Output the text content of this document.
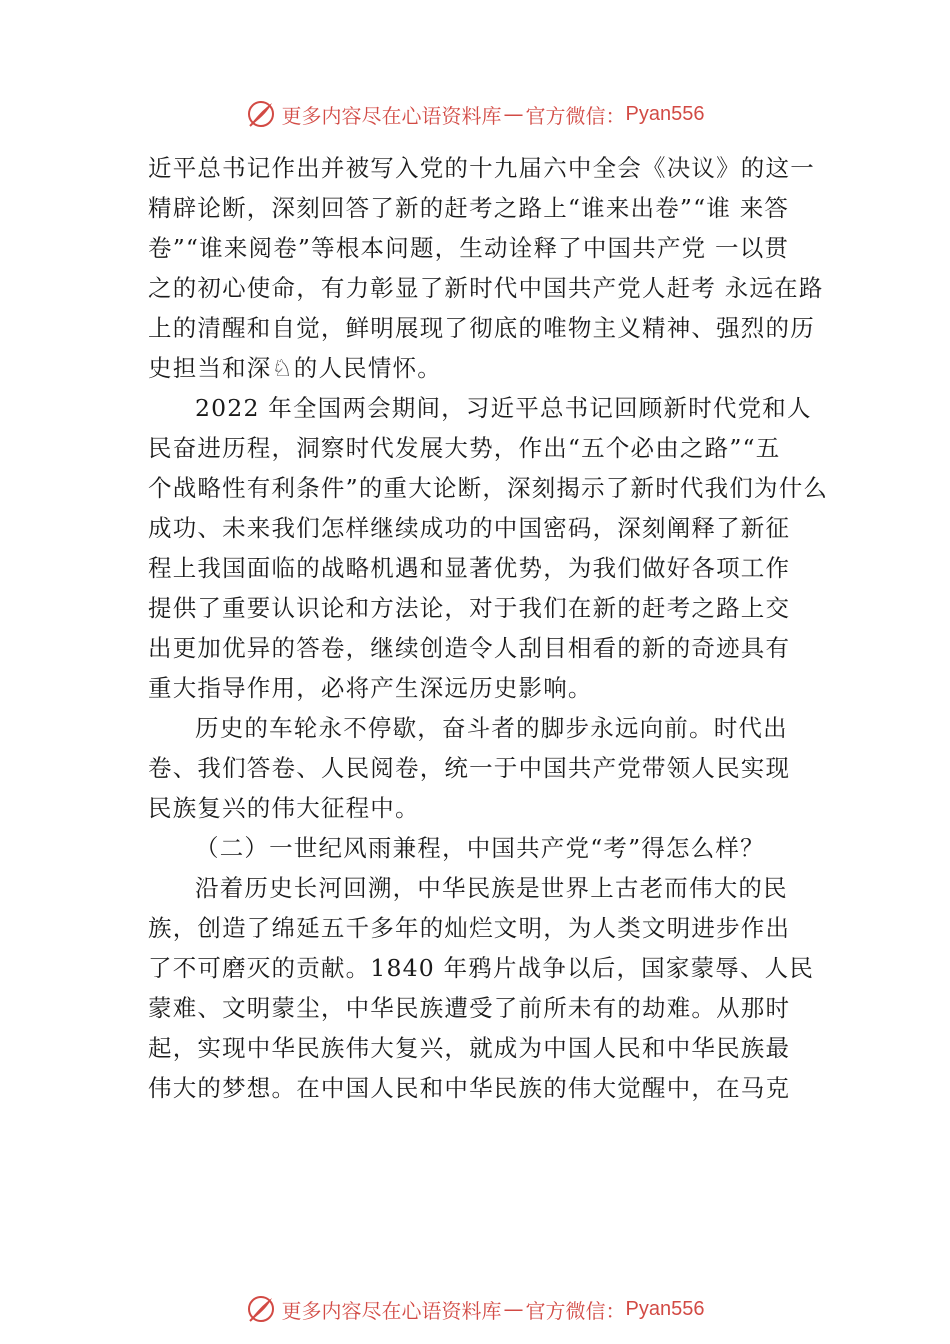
更多内容尽在心语资料库 — 官方微信： Pyan556
近平总书记作出并被写入党的十九届六中全会《决议》的这一
精辟论断，深刻回答了新的赶考之路上“谁来出卷”“谁 来答
卷”“谁来阅卷”等根本问题，生动诠释了中国共产党 一以贯
之的初心使命，有力彰显了新时代中国共产党人赶考 永远在路
上的清醒和自觉，鲜明展现了彻底的唯物主义精神、强烈的历
史担当和深♘的人民情怀。
2022 年全国两会期间，习近平总书记回顾新时代党和人
民奋进历程，洞察时代发展大势，作出“五个必由之路”“五
个战略性有利条件”的重大论断，深刻揭示了新时代我们为什么
成功、未来我们怎样继续成功的中国密码，深刻阐释了新征
程上我国面临的战略机遇和显著优势，为我们做好各项工作
提供了重要认识论和方法论，对于我们在新的赶考之路上交
出更加优异的答卷，继续创造令人刮目相看的新的奇迹具有
重大指导作用，必将产生深远历史影响。
历史的车轮永不停歇，奋斗者的脚步永远向前。时代出
卷、我们答卷、人民阅卷，统一于中国共产党带领人民实现
民族复兴的伟大征程中。
（二）一世纪风雨兼程，中国共产党“考”得怎么样？
沿着历史长河回溯，中华民族是世界上古老而伟大的民
族，创造了绵延五千多年的灿烂文明，为人类文明进步作出
了不可磨灭的贡献。1840 年鸦片战争以后，国家蒙辱、人民
蒙难、文明蒙尘，中华民族遭受了前所未有的劫难。从那时
起，实现中华民族伟大复兴，就成为中国人民和中华民族最
伟大的梦想。在中国人民和中华民族的伟大觉醒中，在马克
更多内容尽在心语资料库 — 官方微信： Pyan556
